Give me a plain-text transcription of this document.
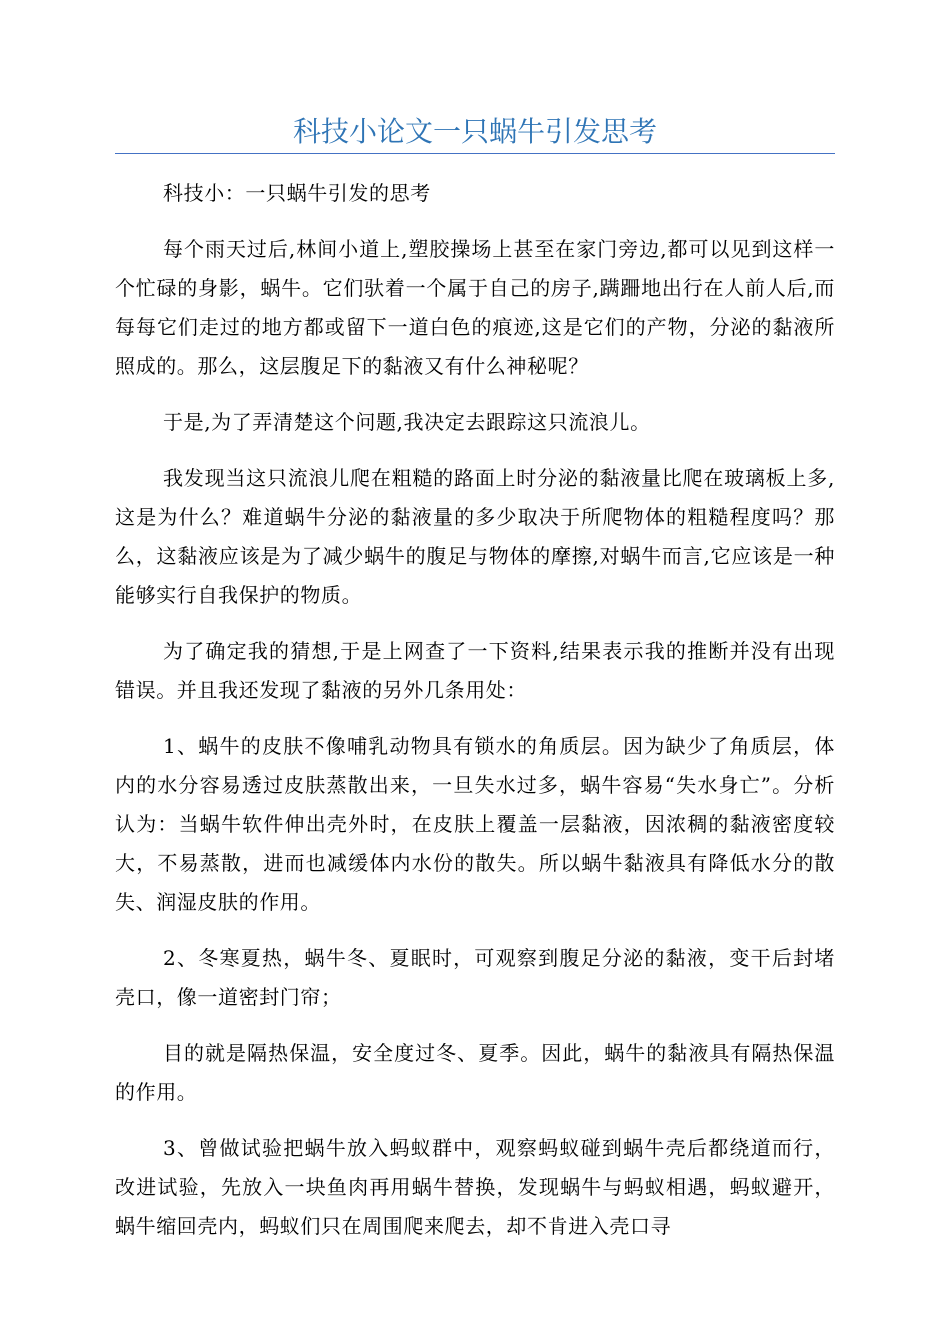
科技小论文一只蜗牛引发思考

科技小：一只蜗牛引发的思考

每个雨天过后,林间小道上,塑胶操场上甚至在家门旁边,都可以见到这样一个忙碌的身影，蜗牛。它们驮着一个属于自己的房子,蹒跚地出行在人前人后,而每每它们走过的地方都或留下一道白色的痕迹,这是它们的产物，分泌的黏液所照成的。那么，这层腹足下的黏液又有什么神秘呢？

于是,为了弄清楚这个问题,我决定去跟踪这只流浪儿。

我发现当这只流浪儿爬在粗糙的路面上时分泌的黏液量比爬在玻璃板上多,这是为什么？难道蜗牛分泌的黏液量的多少取决于所爬物体的粗糙程度吗？那么，这黏液应该是为了减少蜗牛的腹足与物体的摩擦,对蜗牛而言,它应该是一种能够实行自我保护的物质。

为了确定我的猜想,于是上网查了一下资料,结果表示我的推断并没有出现错误。并且我还发现了黏液的另外几条用处：

1、蜗牛的皮肤不像哺乳动物具有锁水的角质层。因为缺少了角质层，体内的水分容易透过皮肤蒸散出来，一旦失水过多，蜗牛容易“失水身亡”。分析认为：当蜗牛软件伸出壳外时，在皮肤上覆盖一层黏液，因浓稠的黏液密度较大，不易蒸散，进而也减缓体内水份的散失。所以蜗牛黏液具有降低水分的散失、润湿皮肤的作用。

2、冬寒夏热，蜗牛冬、夏眠时，可观察到腹足分泌的黏液，变干后封堵壳口，像一道密封门帘；

目的就是隔热保温，安全度过冬、夏季。因此，蜗牛的黏液具有隔热保温的作用。

3、曾做试验把蜗牛放入蚂蚁群中，观察蚂蚁碰到蜗牛壳后都绕道而行，改进试验，先放入一块鱼肉再用蜗牛替换，发现蜗牛与蚂蚁相遇，蚂蚁避开，蜗牛缩回壳内，蚂蚁们只在周围爬来爬去，却不肯进入壳口寻
